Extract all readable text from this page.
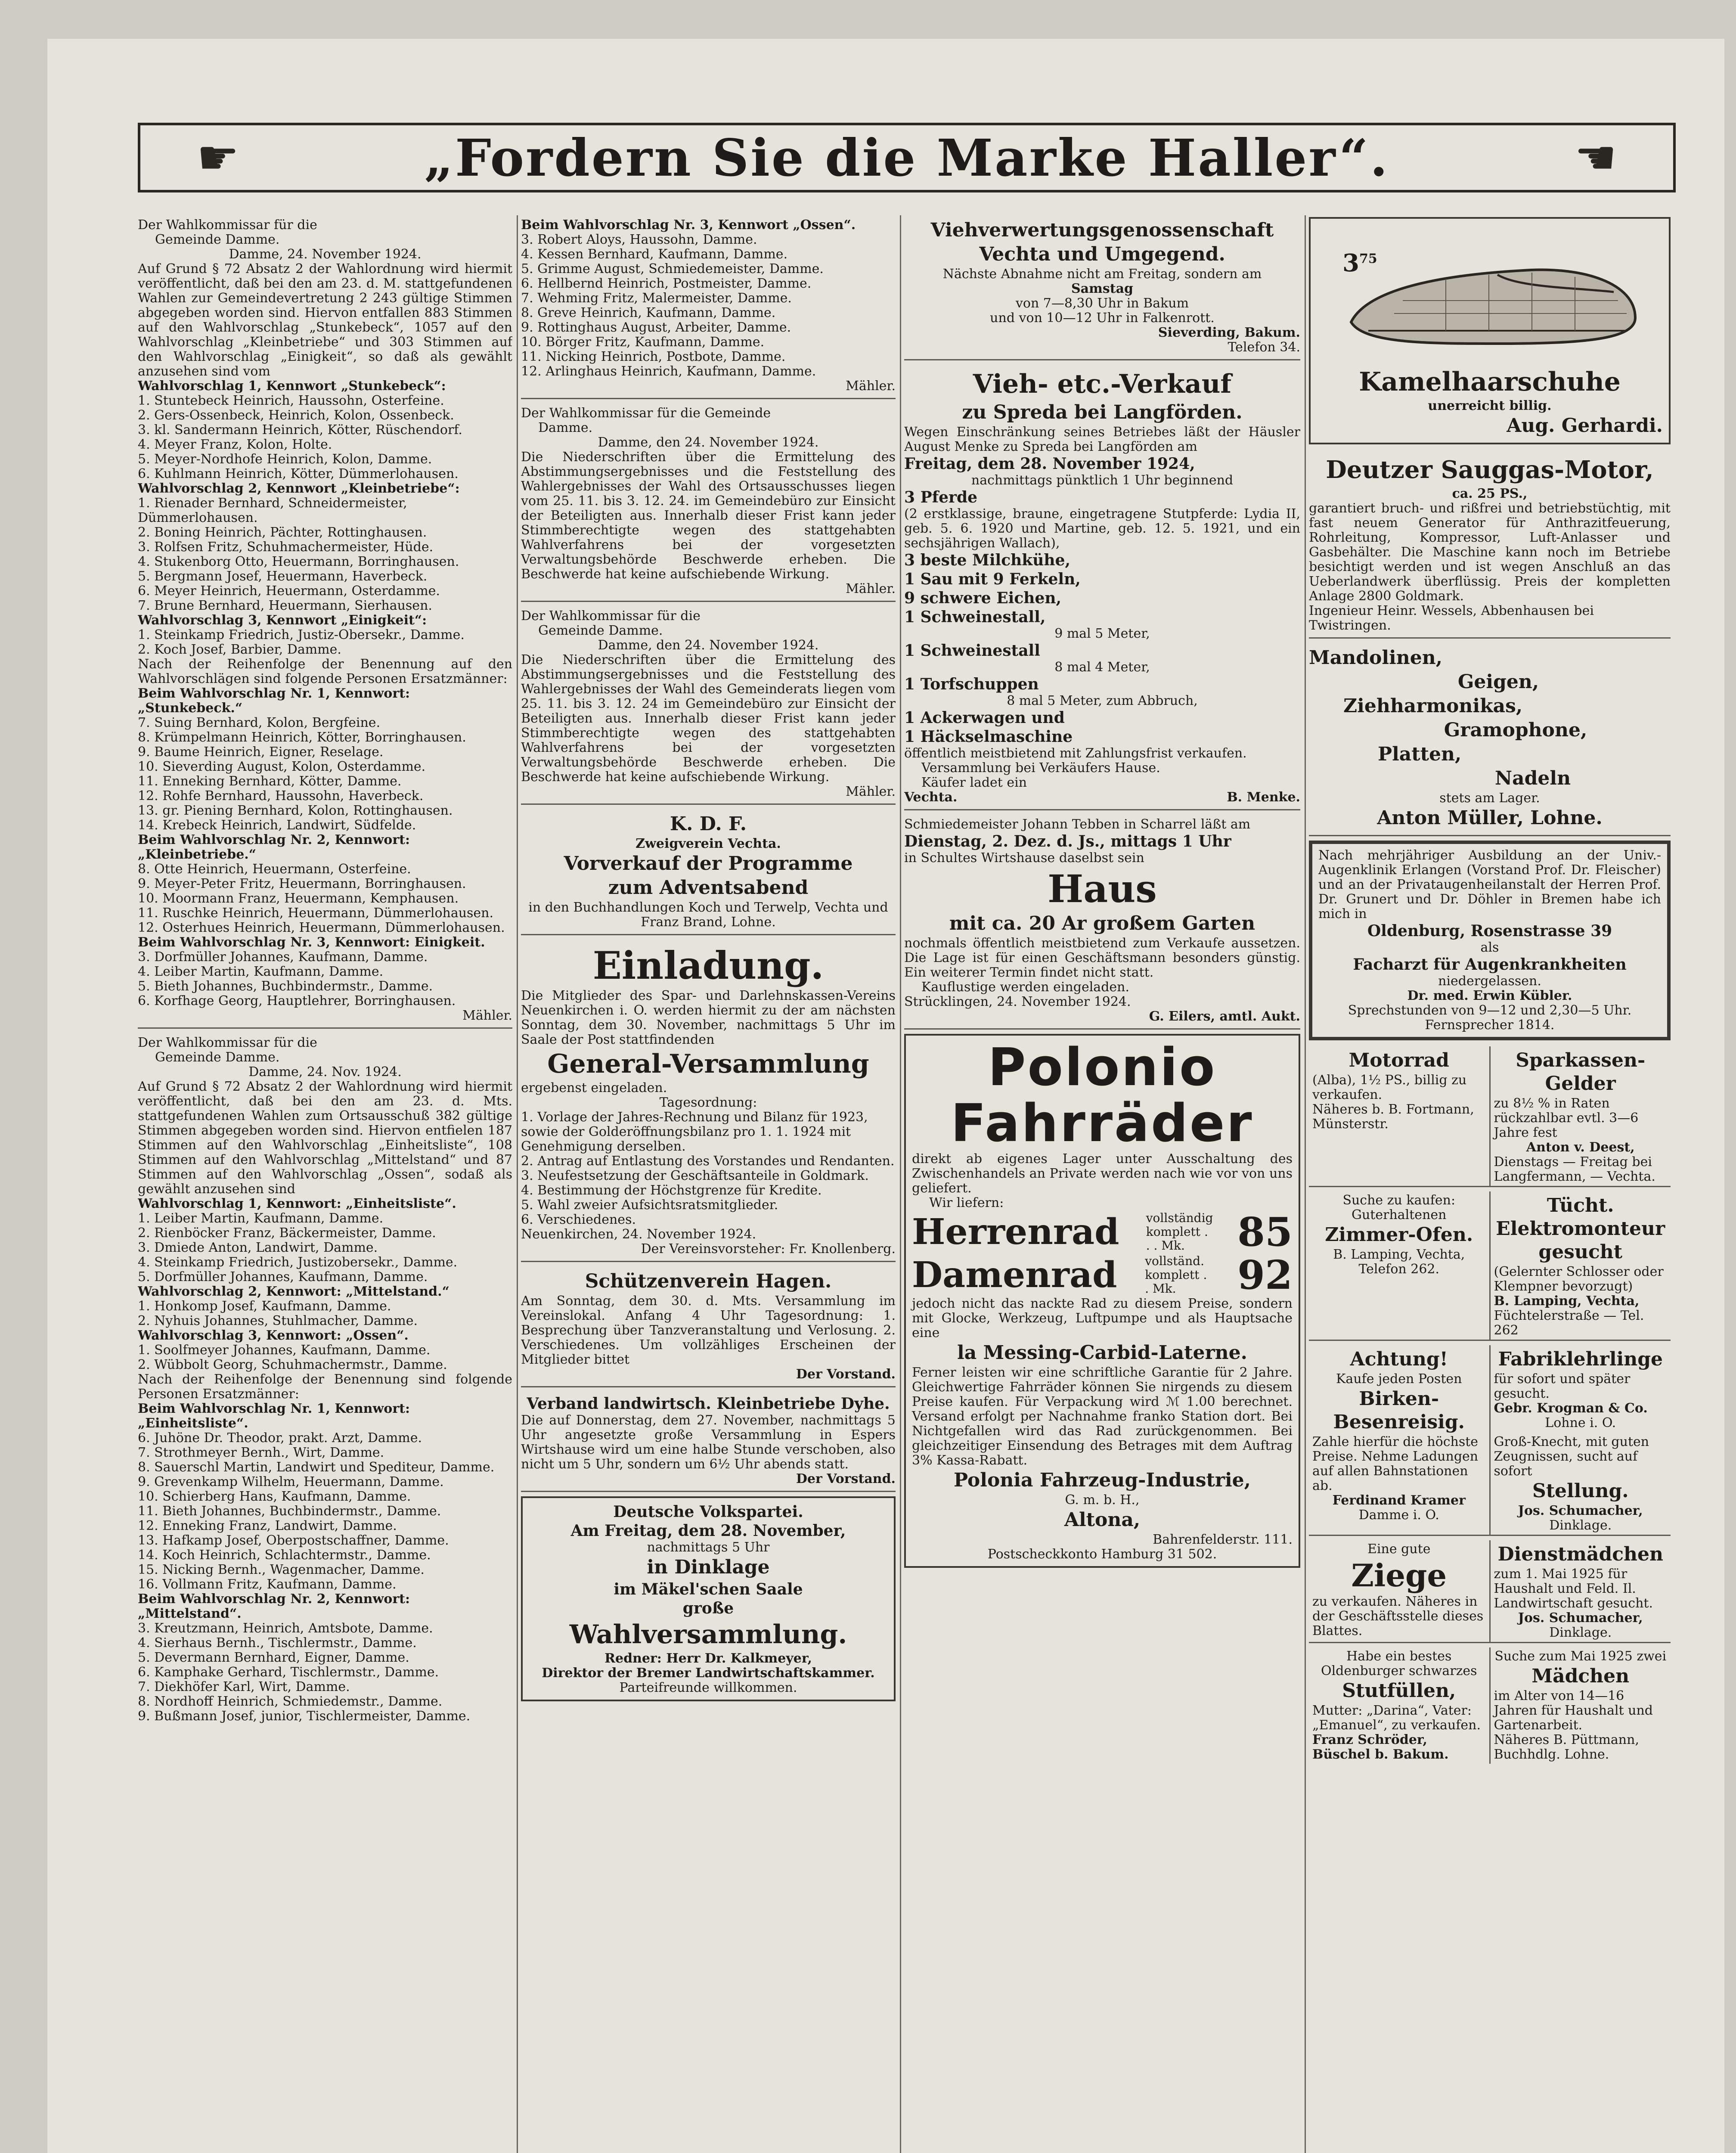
☛	„Fordern Sie die Marke Haller“.	☚
Der Wahlkommissar für die
Gemeinde Damme.
Damme, 24. November 1924.

Auf Grund § 72 Absatz 2 der Wahlordnung wird hiermit veröffentlicht, daß bei den am 23. d. M. stattgefundenen Wahlen zur Gemeindevertretung 2 243 gültige Stimmen abgegeben worden sind. Hiervon entfallen 883 Stimmen auf den Wahlvorschlag „Stunkebeck“, 1057 auf den Wahlvorschlag „Kleinbetriebe“ und 303 Stimmen auf den Wahlvorschlag „Einigkeit“, so daß als gewählt anzusehen sind vom

Wahlvorschlag 1, Kennwort „Stunkebeck“:
1. Stuntebeck Heinrich, Haussohn, Osterfeine.
2. Gers-Ossenbeck, Heinrich, Kolon, Ossenbeck.
3. kl. Sandermann Heinrich, Kötter, Rüschendorf.
4. Meyer Franz, Kolon, Holte.
5. Meyer-Nordhofe Heinrich, Kolon, Damme.
6. Kuhlmann Heinrich, Kötter, Dümmerlohausen.
Wahlvorschlag 2, Kennwort „Kleinbetriebe“:
1. Rienader Bernhard, Schneidermeister, Dümmerlohausen.
2. Boning Heinrich, Pächter, Rottinghausen.
3. Rolfsen Fritz, Schuhmachermeister, Hüde.
4. Stukenborg Otto, Heuermann, Borringhausen.
5. Bergmann Josef, Heuermann, Haverbeck.
6. Meyer Heinrich, Heuermann, Osterdamme.
7. Brune Bernhard, Heuermann, Sierhausen.
Wahlvorschlag 3, Kennwort „Einigkeit“:
1. Steinkamp Friedrich, Justiz-Obersekr., Damme.
2. Koch Josef, Barbier, Damme.

Nach der Reihenfolge der Benennung auf den Wahlvorschlägen sind folgende Personen Ersatzmänner:

Beim Wahlvorschlag Nr. 1, Kennwort: „Stunkebeck.“
7. Suing Bernhard, Kolon, Bergfeine.
8. Krümpelmann Heinrich, Kötter, Borringhausen.
9. Baume Heinrich, Eigner, Reselage.
10. Sieverding August, Kolon, Osterdamme.
11. Enneking Bernhard, Kötter, Damme.
12. Rohfe Bernhard, Haussohn, Haverbeck.
13. gr. Piening Bernhard, Kolon, Rottinghausen.
14. Krebeck Heinrich, Landwirt, Südfelde.
Beim Wahlvorschlag Nr. 2, Kennwort: „Kleinbetriebe.“
8. Otte Heinrich, Heuermann, Osterfeine.
9. Meyer-Peter Fritz, Heuermann, Borringhausen.
10. Moormann Franz, Heuermann, Kemphausen.
11. Ruschke Heinrich, Heuermann, Dümmerlohausen.
12. Osterhues Heinrich, Heuermann, Dümmerlohausen.
Beim Wahlvorschlag Nr. 3, Kennwort: Einigkeit.
3. Dorfmüller Johannes, Kaufmann, Damme.
4. Leiber Martin, Kaufmann, Damme.
5. Bieth Johannes, Buchbindermstr., Damme.
6. Korfhage Georg, Hauptlehrer, Borringhausen.
Mähler.
Der Wahlkommissar für die
Gemeinde Damme.
Damme, 24. Nov. 1924.

Auf Grund § 72 Absatz 2 der Wahlordnung wird hiermit veröffentlicht, daß bei den am 23. d. Mts. stattgefundenen Wahlen zum Ortsausschuß 382 gültige Stimmen abgegeben worden sind. Hiervon entfielen 187 Stimmen auf den Wahlvorschlag „Einheitsliste“, 108 Stimmen auf den Wahlvorschlag „Mittelstand“ und 87 Stimmen auf den Wahlvorschlag „Ossen“, sodaß als gewählt anzusehen sind

Wahlvorschlag 1, Kennwort: „Einheitsliste“.
1. Leiber Martin, Kaufmann, Damme.
2. Rienböcker Franz, Bäckermeister, Damme.
3. Dmiede Anton, Landwirt, Damme.
4. Steinkamp Friedrich, Justizobersekr., Damme.
5. Dorfmüller Johannes, Kaufmann, Damme.
Wahlvorschlag 2, Kennwort: „Mittelstand.“
1. Honkomp Josef, Kaufmann, Damme.
2. Nyhuis Johannes, Stuhlmacher, Damme.
Wahlvorschlag 3, Kennwort: „Ossen“.
1. Soolfmeyer Johannes, Kaufmann, Damme.
2. Wübbolt Georg, Schuhmachermstr., Damme.

Nach der Reihenfolge der Benennung sind folgende Personen Ersatzmänner:

Beim Wahlvorschlag Nr. 1, Kennwort: „Einheitsliste“.
6. Juhöne Dr. Theodor, prakt. Arzt, Damme.
7. Strothmeyer Bernh., Wirt, Damme.
8. Sauerschl Martin, Landwirt und Spediteur, Damme.
9. Grevenkamp Wilhelm, Heuermann, Damme.
10. Schierberg Hans, Kaufmann, Damme.
11. Bieth Johannes, Buchbindermstr., Damme.
12. Enneking Franz, Landwirt, Damme.
13. Hafkamp Josef, Oberpostschaffner, Damme.
14. Koch Heinrich, Schlachtermstr., Damme.
15. Nicking Bernh., Wagenmacher, Damme.
16. Vollmann Fritz, Kaufmann, Damme.
Beim Wahlvorschlag Nr. 2, Kennwort: „Mittelstand“.
3. Kreutzmann, Heinrich, Amtsbote, Damme.
4. Sierhaus Bernh., Tischlermstr., Damme.
5. Devermann Bernhard, Eigner, Damme.
6. Kamphake Gerhard, Tischlermstr., Damme.
7. Diekhöfer Karl, Wirt, Damme.
8. Nordhoff Heinrich, Schmiedemstr., Damme.
9. Bußmann Josef, junior, Tischlermeister, Damme.
Beim Wahlvorschlag Nr. 3, Kennwort „Ossen“.
3. Robert Aloys, Haussohn, Damme.
4. Kessen Bernhard, Kaufmann, Damme.
5. Grimme August, Schmiedemeister, Damme.
6. Hellbernd Heinrich, Postmeister, Damme.
7. Wehming Fritz, Malermeister, Damme.
8. Greve Heinrich, Kaufmann, Damme.
9. Rottinghaus August, Arbeiter, Damme.
10. Börger Fritz, Kaufmann, Damme.
11. Nicking Heinrich, Postbote, Damme.
12. Arlinghaus Heinrich, Kaufmann, Damme.
Mähler.
Der Wahlkommissar für die Gemeinde
Damme.
Damme, den 24. November 1924.

Die Niederschriften über die Ermittelung des Abstimmungsergebnisses und die Feststellung des Wahlergebnisses der Wahl des Ortsausschusses liegen vom 25. 11. bis 3. 12. 24. im Gemeindebüro zur Einsicht der Beteiligten aus. Innerhalb dieser Frist kann jeder Stimmberechtigte wegen des stattgehabten Wahlverfahrens bei der vorgesetzten Verwaltungsbehörde Beschwerde erheben. Die Beschwerde hat keine aufschiebende Wirkung.

Mähler.
Der Wahlkommissar für die
Gemeinde Damme.
Damme, den 24. November 1924.

Die Niederschriften über die Ermittelung des Abstimmungsergebnisses und die Feststellung des Wahlergebnisses der Wahl des Gemeinderats liegen vom 25. 11. bis 3. 12. 24 im Gemeindebüro zur Einsicht der Beteiligten aus. Innerhalb dieser Frist kann jeder Stimmberechtigte wegen des stattgehabten Wahlverfahrens bei der vorgesetzten Verwaltungsbehörde Beschwerde erheben. Die Beschwerde hat keine aufschiebende Wirkung.

Mähler.
K. D. F.
Zweigverein Vechta.
Vorverkauf der Programme
zum Adventsabend
in den Buchhandlungen Koch und Terwelp, Vechta und Franz Brand, Lohne.
Einladung.

Die Mitglieder des Spar- und Darlehnskassen-Vereins Neuenkirchen i. O. werden hiermit zu der am nächsten Sonntag, dem 30. November, nachmittags 5 Uhr im Saale der Post stattfindenden

General-Versammlung
ergebenst eingeladen.
Tagesordnung:
1. Vorlage der Jahres-Rechnung und Bilanz für 1923, sowie der Golderöffnungsbilanz pro 1. 1. 1924 mit Genehmigung derselben.
2. Antrag auf Entlastung des Vorstandes und Rendanten.
3. Neufestsetzung der Geschäftsanteile in Goldmark.
4. Bestimmung der Höchstgrenze für Kredite.
5. Wahl zweier Aufsichtsratsmitglieder.
6. Verschiedenes.
Neuenkirchen, 24. November 1924.
Der Vereinsvorsteher: Fr. Knollenberg.
Schützenverein Hagen.

Am Sonntag, dem 30. d. Mts. Versammlung im Vereinslokal. Anfang 4 Uhr Tagesordnung: 1. Besprechung über Tanzveranstaltung und Verlosung. 2. Verschiedenes. Um vollzähliges Erscheinen der Mitglieder bittet

Der Vorstand.
Verband landwirtsch. Kleinbetriebe Dyhe.

Die auf Donnerstag, dem 27. November, nachmittags 5 Uhr angesetzte große Versammlung in Espers Wirtshause wird um eine halbe Stunde verschoben, also nicht um 5 Uhr, sondern um 6½ Uhr abends statt.

Der Vorstand.
Deutsche Volkspartei.
Am Freitag, dem 28. November,
nachmittags 5 Uhr
in Dinklage
im Mäkel'schen Saale
große
Wahlversammlung.
Redner: Herr Dr. Kalkmeyer,
Direktor der Bremer Landwirtschaftskammer.
Parteifreunde willkommen.
Viehverwertungsgenossenschaft
Vechta und Umgegend.
Nächste Abnahme nicht am Freitag, sondern am
Samstag
von 7—8,30 Uhr in Bakum
und von 10—12 Uhr in Falkenrott.
Sieverding, Bakum.
Telefon 34.
Vieh- etc.-Verkauf
zu Spreda bei Langförden.

Wegen Einschränkung seines Betriebes läßt der Häusler August Menke zu Spreda bei Langförden am

Freitag, dem 28. November 1924,
nachmittags pünktlich 1 Uhr beginnend
3 Pferde

(2 erstklassige, braune, eingetragene Stutpferde: Lydia II, geb. 5. 6. 1920 und Martine, geb. 12. 5. 1921, und ein sechsjährigen Wallach),

3 beste Milchkühe,
1 Sau mit 9 Ferkeln,
9 schwere Eichen,
1 Schweinestall,
9 mal 5 Meter,
1 Schweinestall
8 mal 4 Meter,
1 Torfschuppen
8 mal 5 Meter, zum Abbruch,
1 Ackerwagen und
1 Häckselmaschine

öffentlich meistbietend mit Zahlungsfrist verkaufen.

Versammlung bei Verkäufers Hause.
Käufer ladet ein
Vechta.	B. Menke.

Schmiedemeister Johann Tebben in Scharrel läßt am

Dienstag, 2. Dez. d. Js., mittags 1 Uhr
in Schultes Wirtshause daselbst sein
Haus
mit ca. 20 Ar großem Garten

nochmals öffentlich meistbietend zum Verkaufe aussetzen. Die Lage ist für einen Geschäftsmann besonders günstig. Ein weiterer Termin findet nicht statt.

Kauflustige werden eingeladen.
Strücklingen, 24. November 1924.
G. Eilers, amtl. Aukt.
Polonio
Fahrräder

direkt ab eigenes Lager unter Ausschaltung des Zwischenhandels an Private werden nach wie vor von uns geliefert.

Wir liefern:
Herrenrad vollständig komplett . . . Mk.	85
Damenrad vollständ. komplett . . Mk.	92

jedoch nicht das nackte Rad zu diesem Preise, sondern mit Glocke, Werkzeug, Luftpumpe und als Hauptsache eine

la Messing-Carbid-Laterne.

Ferner leisten wir eine schriftliche Garantie für 2 Jahre. Gleichwertige Fahrräder können Sie nirgends zu diesem Preise kaufen. Für Verpackung wird ℳ 1.00 berechnet. Versand erfolgt per Nachnahme franko Station dort. Bei Nichtgefallen wird das Rad zurückgenommen. Bei gleichzeitiger Einsendung des Betrages mit dem Auftrag 3% Kassa-Rabatt.

Polonia Fahrzeug-Industrie,
G. m. b. H.,
Altona,
Bahrenfelderstr. 111.
Postscheckkonto Hamburg 31 502.
$3^{75}$
Kamelhaarschuhe
unerreicht billig.
Aug. Gerhardi.
Deutzer Sauggas-Motor,
ca. 25 PS.,

garantiert bruch- und rißfrei und betriebstüchtig, mit fast neuem Generator für Anthrazitfeuerung, Rohrleitung, Kompressor, Luft-Anlasser und Gasbehälter. Die Maschine kann noch im Betriebe besichtigt werden und ist wegen Anschluß an das Ueberlandwerk überflüssig. Preis der kompletten Anlage 2800 Goldmark.

Ingenieur Heinr. Wessels, Abbenhausen bei Twistringen.
Mandolinen,
Geigen,
Ziehharmonikas,
Gramophone,
Platten,
Nadeln
stets am Lager.
Anton Müller, Lohne.

Nach mehrjähriger Ausbildung an der Univ.-Augenklinik Erlangen (Vorstand Prof. Dr. Fleischer) und an der Privataugenheilanstalt der Herren Prof. Dr. Grunert und Dr. Döhler in Bremen habe ich mich in

Oldenburg, Rosenstrasse 39
als
Facharzt für Augenkrankheiten
niedergelassen.
Dr. med. Erwin Kübler.
Sprechstunden von 9—12 und 2,30—5 Uhr.
Fernsprecher 1814.
Motorrad
(Alba), 1½ PS., billig zu verkaufen.
Näheres b. B. Fortmann, Münsterstr.
Sparkassen-Gelder
zu 8½ % in Raten rückzahlbar evtl. 3—6 Jahre fest
Anton v. Deest,
Dienstags — Freitag bei Langfermann, — Vechta.
Suche zu kaufen:
Guterhaltenen
Zimmer-Ofen.
B. Lamping, Vechta,
Telefon 262.
Tücht. Elektromonteur gesucht
(Gelernter Schlosser oder Klempner bevorzugt)
B. Lamping, Vechta,
Füchtelerstraße — Tel. 262
Achtung!
Kaufe jeden Posten
Birken-Besenreisig.
Zahle hierfür die höchste Preise. Nehme Ladungen auf allen Bahnstationen ab.
Ferdinand Kramer
Damme i. O.
Fabriklehrlinge
für sofort und später gesucht.
Gebr. Krogman & Co.
Lohne i. O.
Groß-Knecht, mit guten Zeugnissen, sucht auf sofort
Stellung.
Jos. Schumacher,
Dinklage.
Eine gute
Ziege
zu verkaufen. Näheres in der Geschäftsstelle dieses Blattes.
Dienstmädchen
zum 1. Mai 1925 für Haushalt und Feld. Il. Landwirtschaft gesucht.
Jos. Schumacher,
Dinklage.
Habe ein bestes Oldenburger schwarzes
Stutfüllen,
Mutter: „Darina“, Vater: „Emanuel“, zu verkaufen.
Franz Schröder, Büschel b. Bakum.
Suche zum Mai 1925 zwei
Mädchen
im Alter von 14—16 Jahren für Haushalt und Gartenarbeit.
Näheres B. Püttmann, Buchhdlg. Lohne.
